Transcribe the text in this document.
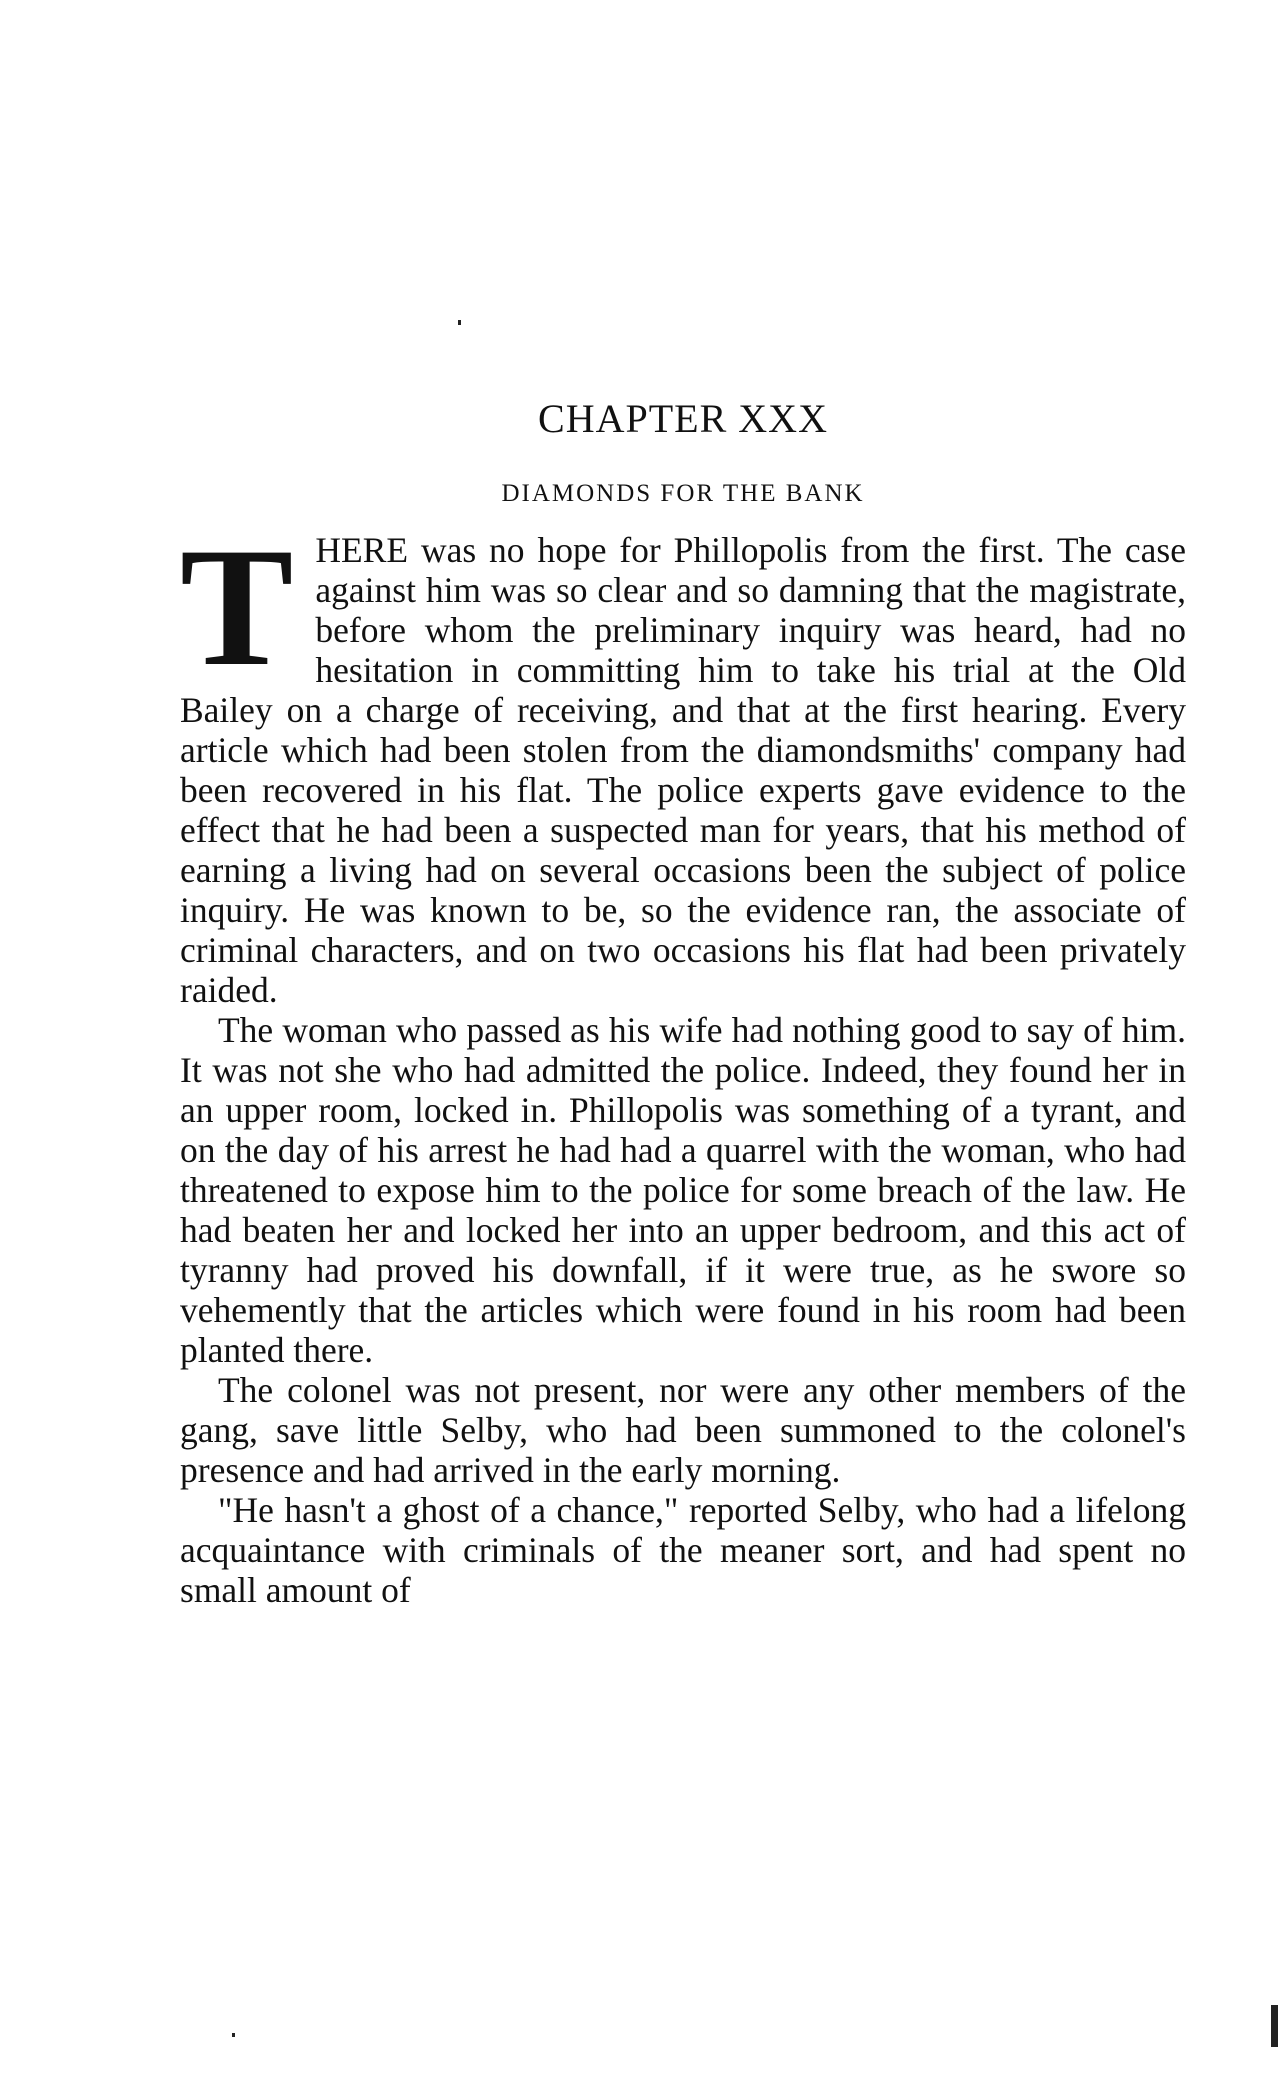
CHAPTER XXX
DIAMONDS FOR THE BANK

THERE was no hope for Phillopolis from the first. The case against him was so clear and so damning that the magistrate, before whom the preliminary inquiry was heard, had no hesitation in committing him to take his trial at the Old Bailey on a charge of receiving, and that at the first hearing. Every article which had been stolen from the diamondsmiths' company had been recovered in his flat. The police experts gave evidence to the effect that he had been a suspected man for years, that his method of earning a living had on several occasions been the subject of police inquiry. He was known to be, so the evidence ran, the associate of criminal characters, and on two occasions his flat had been privately raided.

The woman who passed as his wife had nothing good to say of him. It was not she who had admitted the police. Indeed, they found her in an upper room, locked in. Phillopolis was something of a tyrant, and on the day of his arrest he had had a quarrel with the woman, who had threatened to expose him to the police for some breach of the law. He had beaten her and locked her into an upper bedroom, and this act of tyranny had proved his downfall, if it were true, as he swore so vehemently that the articles which were found in his room had been planted there.

The colonel was not present, nor were any other members of the gang, save little Selby, who had been summoned to the colonel's presence and had arrived in the early morning.

"He hasn't a ghost of a chance," reported Selby, who had a lifelong acquaintance with criminals of the meaner sort, and had spent no small amount of
